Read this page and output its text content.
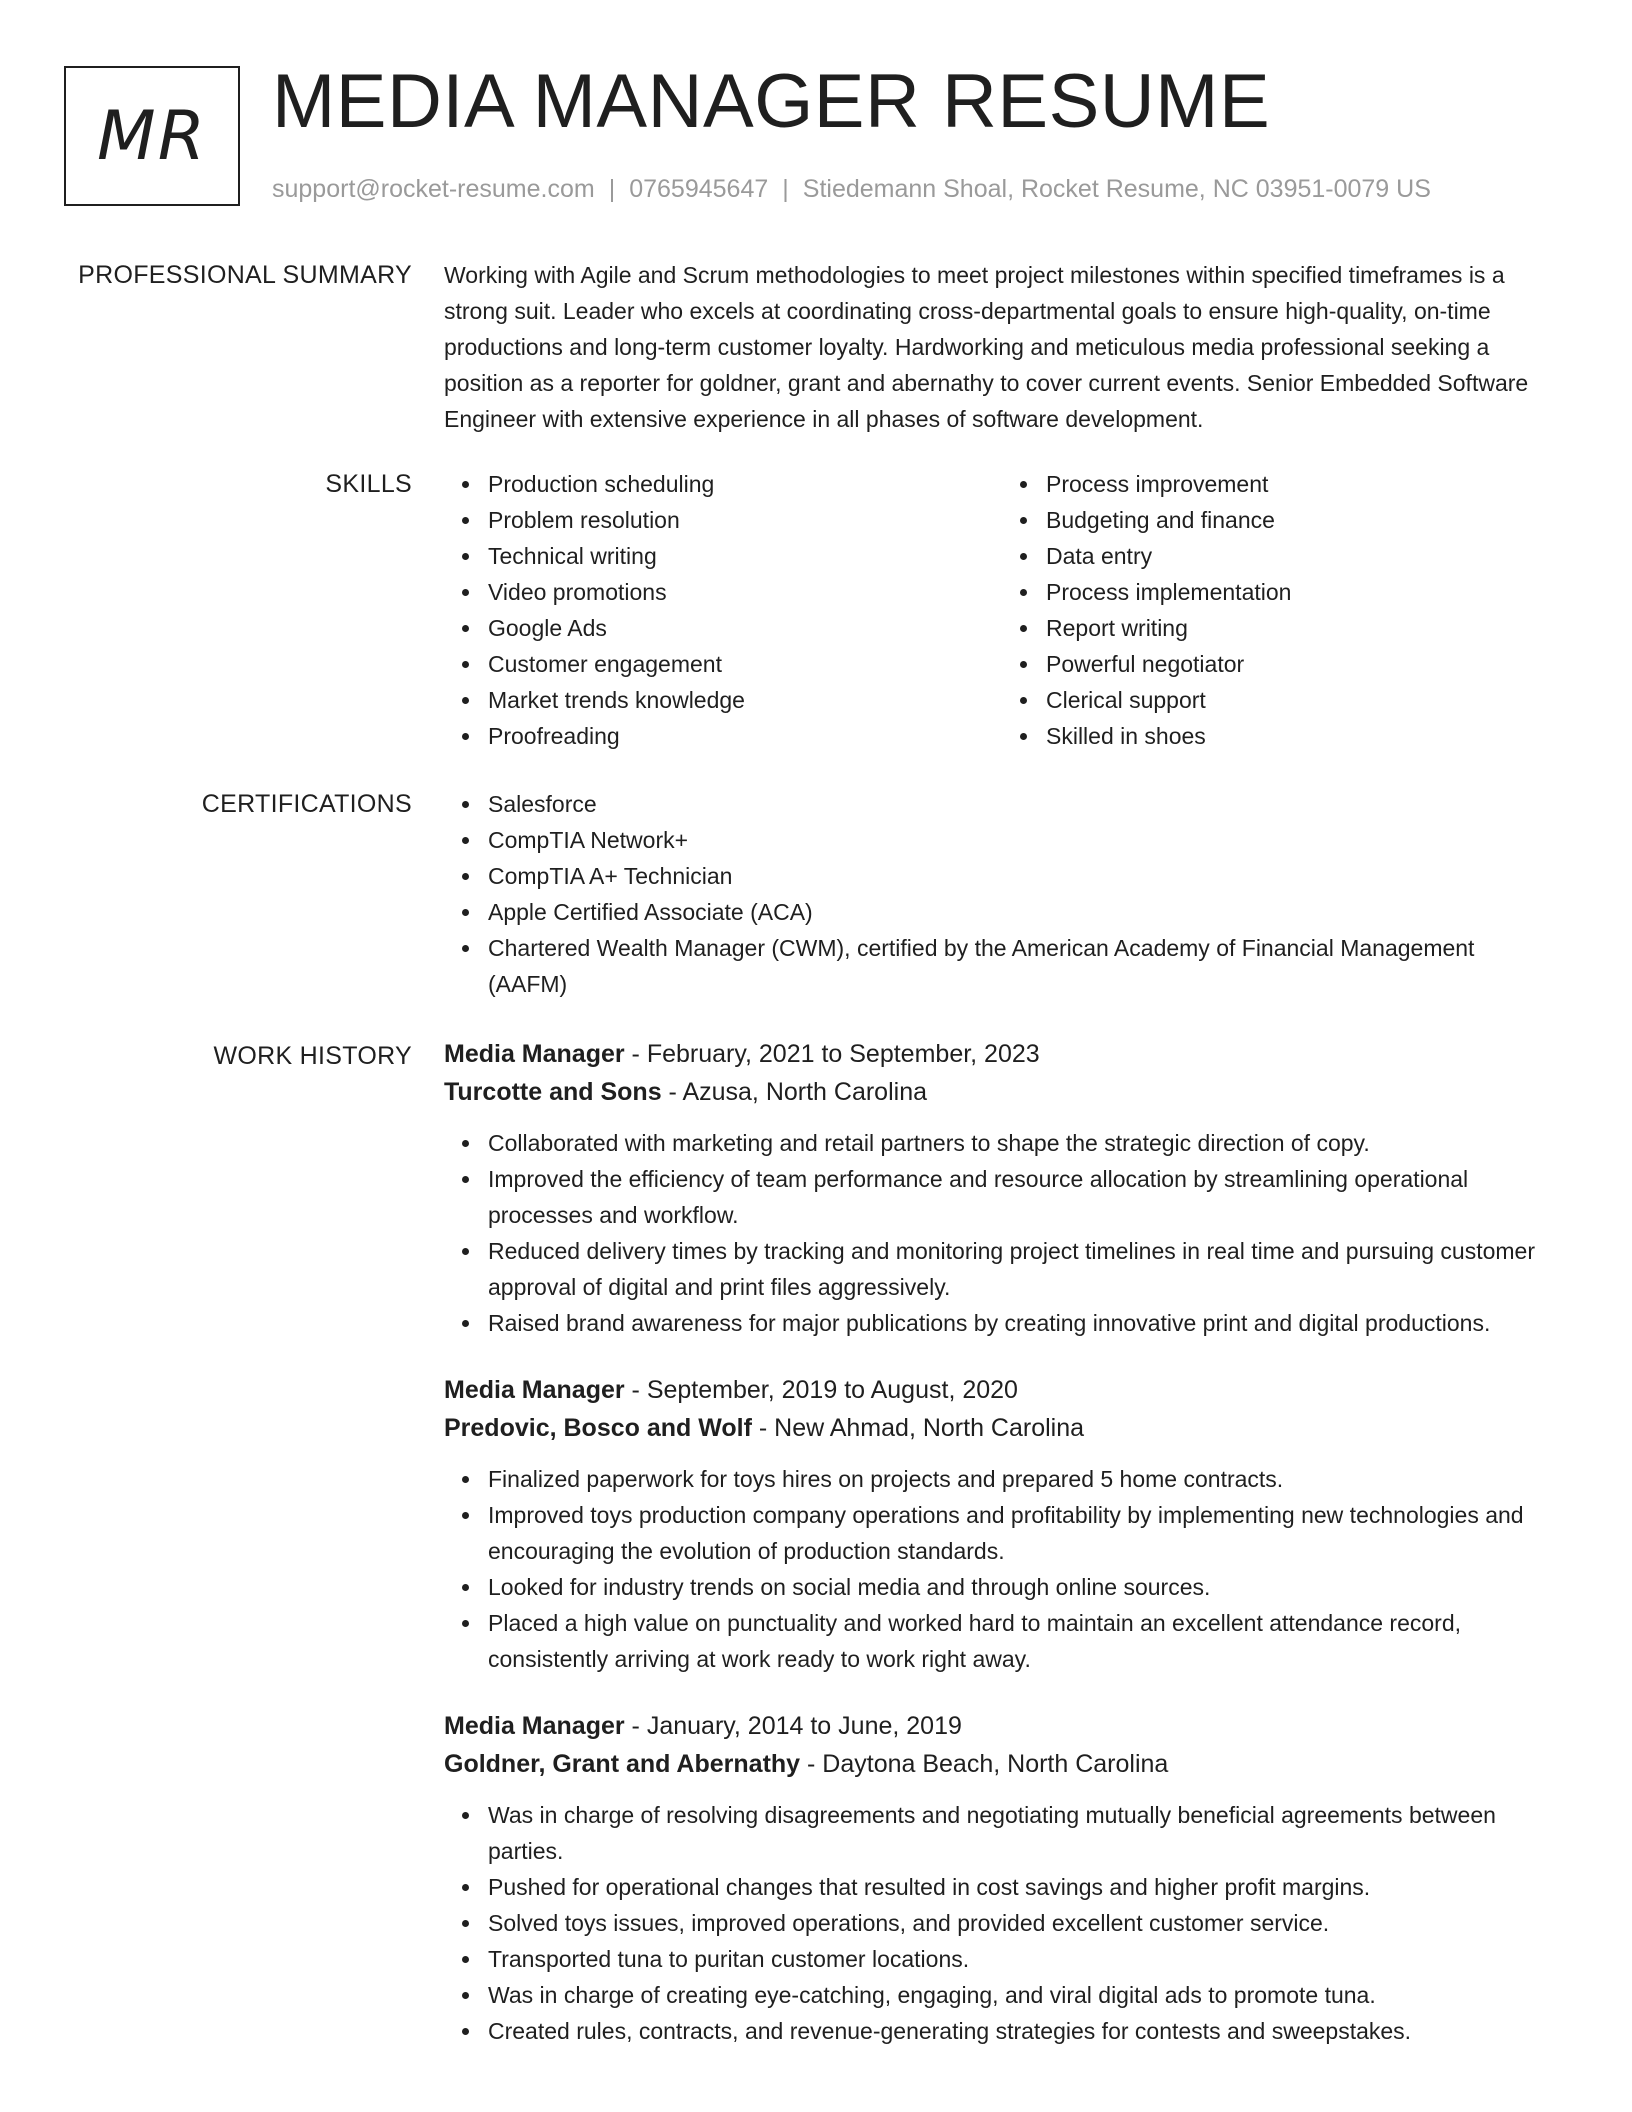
MR MEDIA MANAGER RESUME
support@rocket-resume.com | 0765945647 | Stiedemann Shoal, Rocket Resume, NC 03951-0079 US
PROFESSIONAL SUMMARY Working with Agile and Scrum methodologies to meet project milestones within specified timeframes is a strong suit. Leader who excels at coordinating cross-departmental goals to ensure high-quality, on-time productions and long-term customer loyalty. Hardworking and meticulous media professional seeking a position as a reporter for goldner, grant and abernathy to cover current events. Senior Embedded Software Engineer with extensive experience in all phases of software development.

SKILLS	Production scheduling
Problem resolution
Technical writing
Video promotions
Google Ads
Customer engagement
Market trends knowledge
Proofreading
Process improvement
Budgeting and finance
Data entry
Process implementation
Report writing
Powerful negotiator
Clerical support
Skilled in shoes
CERTIFICATIONS	Salesforce
CompTIA Network+
CompTIA A+ Technician
Apple Certified Associate (ACA)
Chartered Wealth Manager (CWM), certified by the American Academy of Financial Management (AAFM)
WORK HISTORY Media Manager - February, 2021 to September, 2023
Turcotte and Sons - Azusa, North Carolina
Collaborated with marketing and retail partners to shape the strategic direction of copy.
Improved the efficiency of team performance and resource allocation by streamlining operational processes and workflow.
Reduced delivery times by tracking and monitoring project timelines in real time and pursuing customer approval of digital and print files aggressively.
Raised brand awareness for major publications by creating innovative print and digital productions.
Media Manager - September, 2019 to August, 2020
Predovic, Bosco and Wolf - New Ahmad, North Carolina
Finalized paperwork for toys hires on projects and prepared 5 home contracts.
Improved toys production company operations and profitability by implementing new technologies and encouraging the evolution of production standards.
Looked for industry trends on social media and through online sources.
Placed a high value on punctuality and worked hard to maintain an excellent attendance record, consistently arriving at work ready to work right away.
Media Manager - January, 2014 to June, 2019
Goldner, Grant and Abernathy - Daytona Beach, North Carolina
Was in charge of resolving disagreements and negotiating mutually beneficial agreements between parties.
Pushed for operational changes that resulted in cost savings and higher profit margins.
Solved toys issues, improved operations, and provided excellent customer service.
Transported tuna to puritan customer locations.
Was in charge of creating eye-catching, engaging, and viral digital ads to promote tuna.
Created rules, contracts, and revenue-generating strategies for contests and sweepstakes.
